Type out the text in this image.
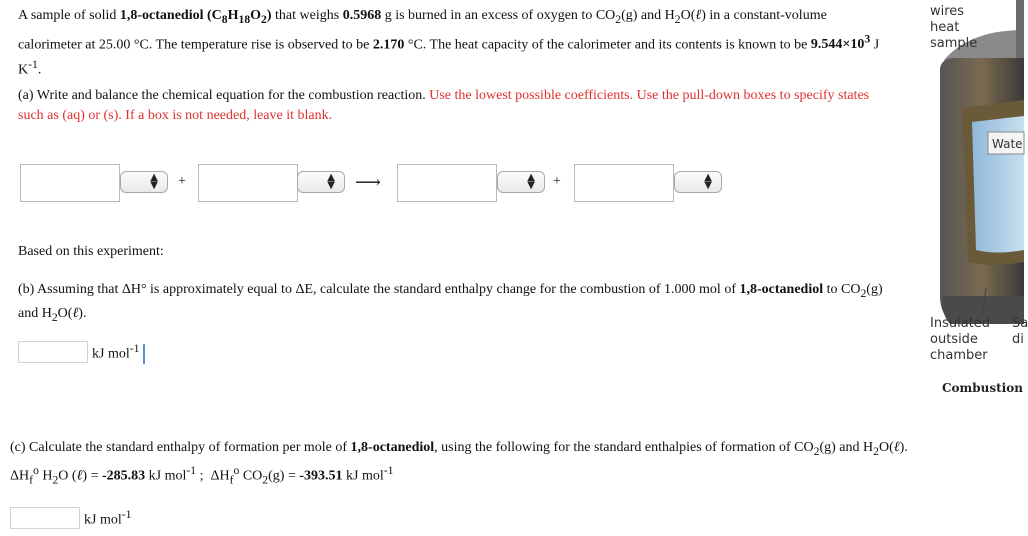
A sample of solid 1,8-octanediol $(C_8H_{18}O_2)$ that weighs 0.5968 g is burned in an excess of oxygen to $CO_2(g)$ and $H_2O(\ell)$ in a constant-volume calorimeter at 25.00 °C. The temperature rise is observed to be 2.170 °C. The heat capacity of the calorimeter and its contents is known to be $9.544\times 10^3$ J $K^{-1}$.
(a) Write and balance the chemical equation for the combustion reaction. Use the lowest possible coefficients. Use the pull-down boxes to specify states such as (aq) or (s). If a box is not needed, leave it blank.
▲
▼ +	▲
▼ ⟶	▲
▼ +	▲
▼
Based on this experiment:
(b) Assuming that ΔH° is approximately equal to ΔE, calculate the standard enthalpy change for the combustion of 1.000 mol of 1,8-octanediol to $CO_2(g)$ and $H_2O(\ell)$.
kJ mol$^{-1}$
(c) Calculate the standard enthalpy of formation per mole of 1,8-octanediol, using the following for the standard enthalpies of formation of $CO_2(g)$ and $H_2O(\ell)$.
$\Delta H_f^o$ $H_2O$ (ℓ) = -285.83 kJ mol$^{-1}$ ;  $\Delta H_f^o$ $CO_2(g) = -393.51$ kJ mol$^{-1}$
kJ mol$^{-1}$
wires
heat
sample
Wate
Insulated
outside
chamber
Sa
di
Combustion
